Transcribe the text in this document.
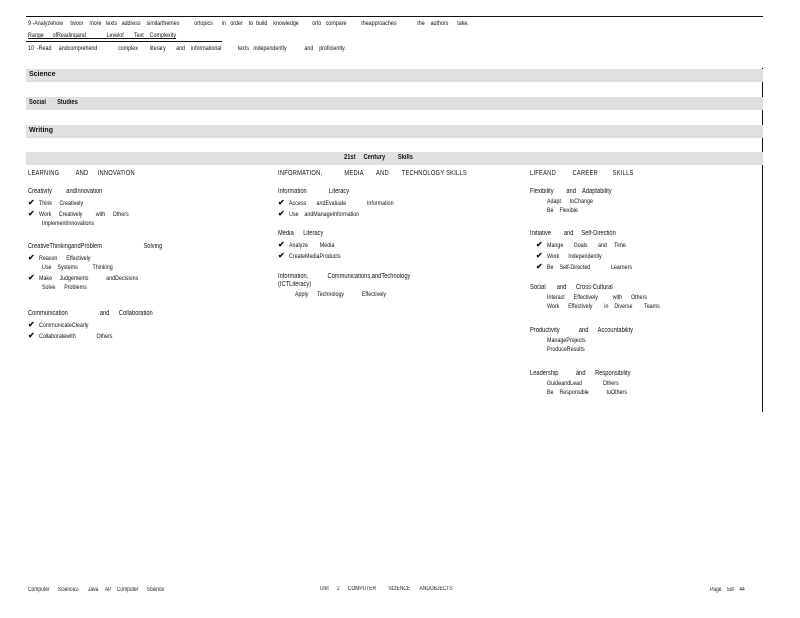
9 -Analyzehow     twoor    more   texts   address    similarthemes          ortopics      in   order    to  build    knowledge         orto   compare          theapproaches              the    authors      take.
Range      ofReadingand              Levelof       Text    Complexity
10  -Read     andcomprehend              complex        literary       and    informational           texts   independently            and    proficiently.
Science
Social       Studies
Writing
21st     Century        Skills
LEARNING         AND     INNOVATION
Creativity         andInnovation
✔ Think     Creatively
✔ Work     Creatively         with     Others
ImplementInnovations
CreativeThinkingandProblem                          Solving
✔ Reason      Effectively
Use    Systems          Thinking
✔ Make     Judgements            andDecisions
Solve      Problems
Communication                    and      Collaboration
✔ CommunicateClearly
✔ Collaboratewith              Others
INFORMATION,            MEDIA       AND       TECHNOLOGY SKILLS
Information              Literacy
✔ Access       andEvaluate              Information
✔ Use    andManageInformation
Media      Literacy
✔ Analyze        Media
✔ CreateMediaProducts
Information,            Communications,andTechnology
(ICTLiteracy)
Apply      Technology            Effectively
LIFEAND         CAREER        SKILLS
Flexibility        and    Adaptability
Adapt      toChange
Be    Flexible
Initiative        and     Self-Direction
✔ Mange       Goals       and     Time
✔ Work      Independently
✔ Be    Self-Directed              Learners
Social       and      Cross-Cultural
Interact      Effectively          with      Others
Work      Effectively        in    Diverse        Teams
Productivity            and      Accountability
ManageProjects
ProduceResults
Leadership           and      Responsibility
GuideandLead              Others
Be    Responsible            toOthers
Computer      Science2-      Java     AP    Computer      Science	Unit      2      COMPUTER         SCIENCE       ANDOBJECTS	Page    5of    44
